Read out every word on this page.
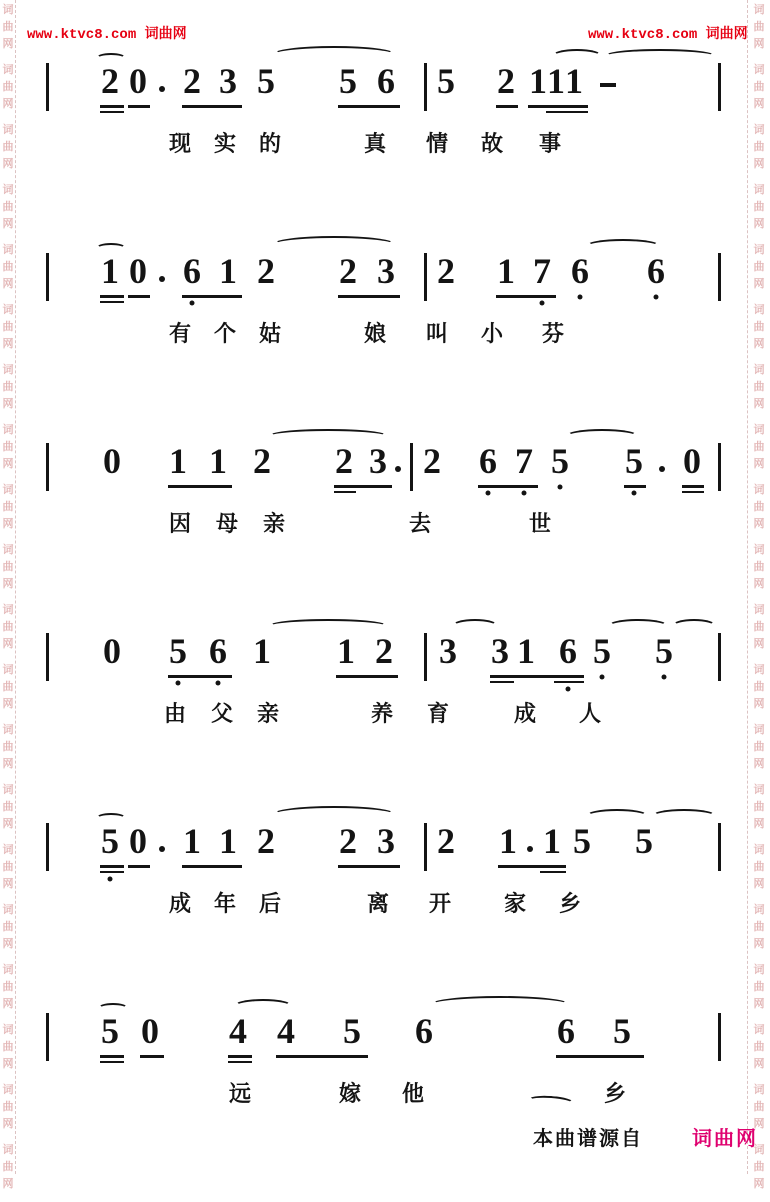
词
曲
网
词
曲
网
词
曲
网
词
曲
网
词
曲
网
词
曲
网
词
曲
网
词
曲
网
词
曲
网
词
曲
网
词
曲
网
词
曲
网
词
曲
网
词
曲
网
词
曲
网
词
曲
网
词
曲
网
词
曲
网
词
曲
网
词
曲
网
词
曲
网
词
曲
网
词
曲
网
词
曲
网
词
曲
网
词
曲
网
词
曲
网
词
曲
网
词
曲
网
词
曲
网
词
曲
网
词
曲
网
词
曲
网
词
曲
网
词
曲
网
词
曲
网
词
曲
网
词
曲
网
词
曲
网
词
曲
网
www.ktvc8.com 词曲网	www.ktvc8.com 词曲网
2 0 2 3 5 5 6 5 2 1 1 1
现 实 的	真 情 故 事
1 0 6 1 2 2 3 2 1 7 6 6
有 个 姑	娘 叫 小 芬
0 1 1 2 2 3 2 6 7 5 5 0
因 母 亲	去	世
0 5 6 1 1 2 3 3 1 6 5 5
由 父 亲	养 育	成 人
5 0 1 1 2 2 3 2 1 1 5 5
成 年 后	离 开 家 乡
5 0 4 4 5 6	6 5
远	嫁 他	乡
本曲谱源自 词曲网
